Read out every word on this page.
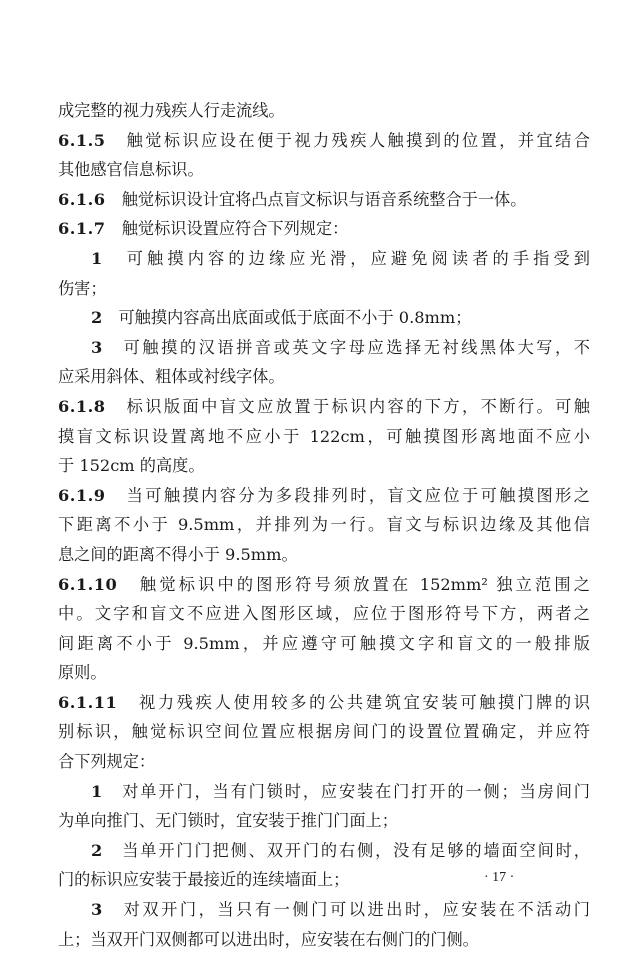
成完整的视力残疾人行走流线。
6.1.5　触觉标识应设在便于视力残疾人触摸到的位置，并宜结合
其他感官信息标识。
6.1.6　触觉标识设计宜将凸点盲文标识与语音系统整合于一体。
6.1.7　触觉标识设置应符合下列规定：
1　可触摸内容的边缘应光滑，应避免阅读者的手指受到
伤害；
2　可触摸内容高出底面或低于底面不小于 0.8mm；
3　可触摸的汉语拼音或英文字母应选择无衬线黑体大写，不
应采用斜体、粗体或衬线字体。
6.1.8　标识版面中盲文应放置于标识内容的下方，不断行。可触
摸盲文标识设置离地不应小于 122cm，可触摸图形离地面不应小
于 152cm 的高度。
6.1.9　当可触摸内容分为多段排列时，盲文应位于可触摸图形之
下距离不小于 9.5mm，并排列为一行。盲文与标识边缘及其他信
息之间的距离不得小于 9.5mm。
6.1.10　触觉标识中的图形符号须放置在 152mm² 独立范围之
中。文字和盲文不应进入图形区域，应位于图形符号下方，两者之
间距离不小于 9.5mm，并应遵守可触摸文字和盲文的一般排版
原则。
6.1.11　视力残疾人使用较多的公共建筑宜安装可触摸门牌的识
别标识，触觉标识空间位置应根据房间门的设置位置确定，并应符
合下列规定：
1　对单开门，当有门锁时，应安装在门打开的一侧；当房间门
为单向推门、无门锁时，宜安装于推门门面上；
2　当单开门门把侧、双开门的右侧，没有足够的墙面空间时，
门的标识应安装于最接近的连续墙面上；
3　对双开门，当只有一侧门可以进出时，应安装在不活动门
上；当双开门双侧都可以进出时，应安装在右侧门的门侧。
· 17 ·
